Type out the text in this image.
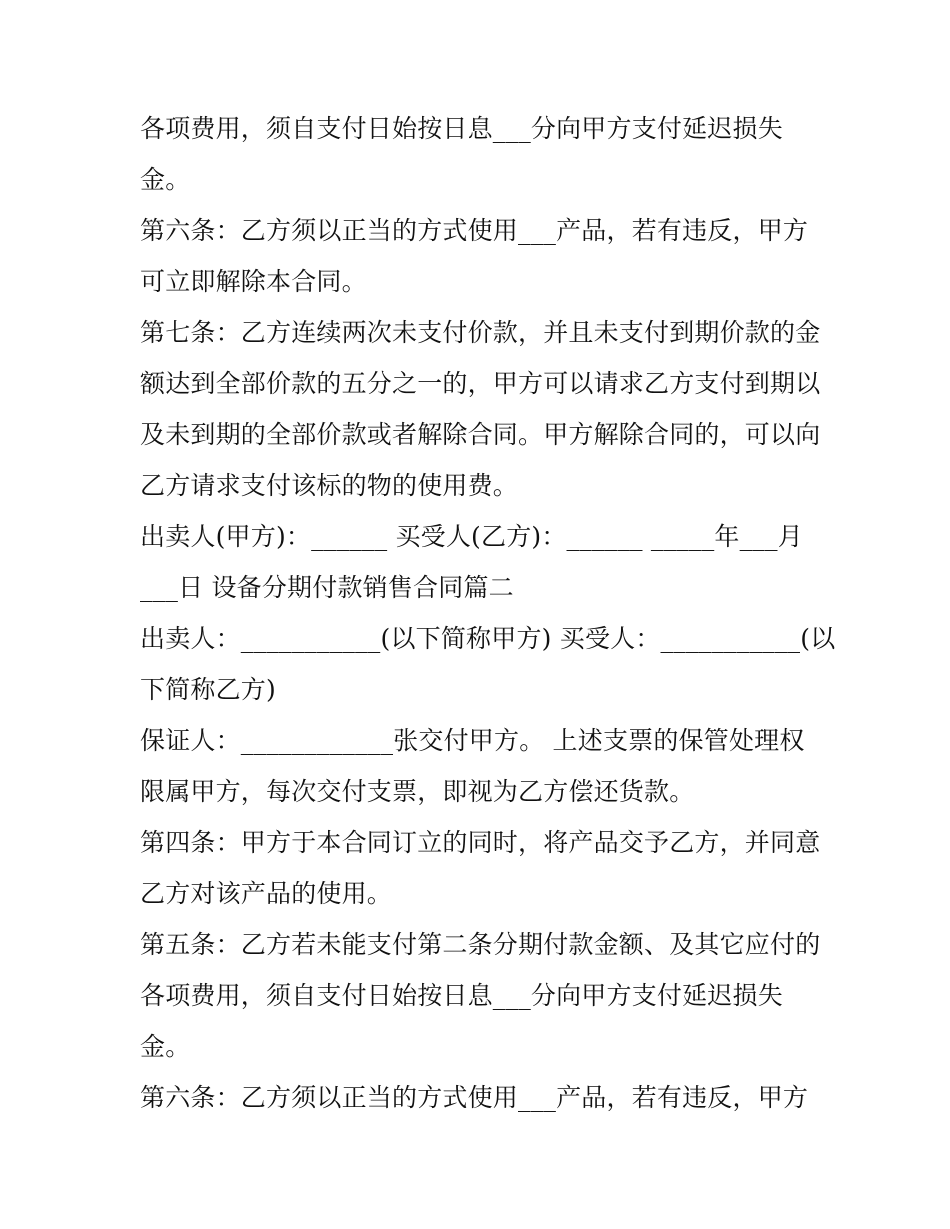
各项费用，须自支付日始按日息___分向甲方支付延迟损失
金。
第六条：乙方须以正当的方式使用___产品，若有违反，甲方
可立即解除本合同。
第七条：乙方连续两次未支付价款，并且未支付到期价款的金
额达到全部价款的五分之一的，甲方可以请求乙方支付到期以
及未到期的全部价款或者解除合同。甲方解除合同的，可以向
乙方请求支付该标的物的使用费。
出卖人(甲方)：______ 买受人(乙方)：______ _____年___月
___日 设备分期付款销售合同篇二
出卖人：___________(以下简称甲方) 买受人：___________(以
下简称乙方)
保证人：____________张交付甲方。 上述支票的保管处理权
限属甲方，每次交付支票，即视为乙方偿还货款。
第四条：甲方于本合同订立的同时，将产品交予乙方，并同意
乙方对该产品的使用。
第五条：乙方若未能支付第二条分期付款金额、及其它应付的
各项费用，须自支付日始按日息___分向甲方支付延迟损失
金。
第六条：乙方须以正当的方式使用___产品，若有违反，甲方
